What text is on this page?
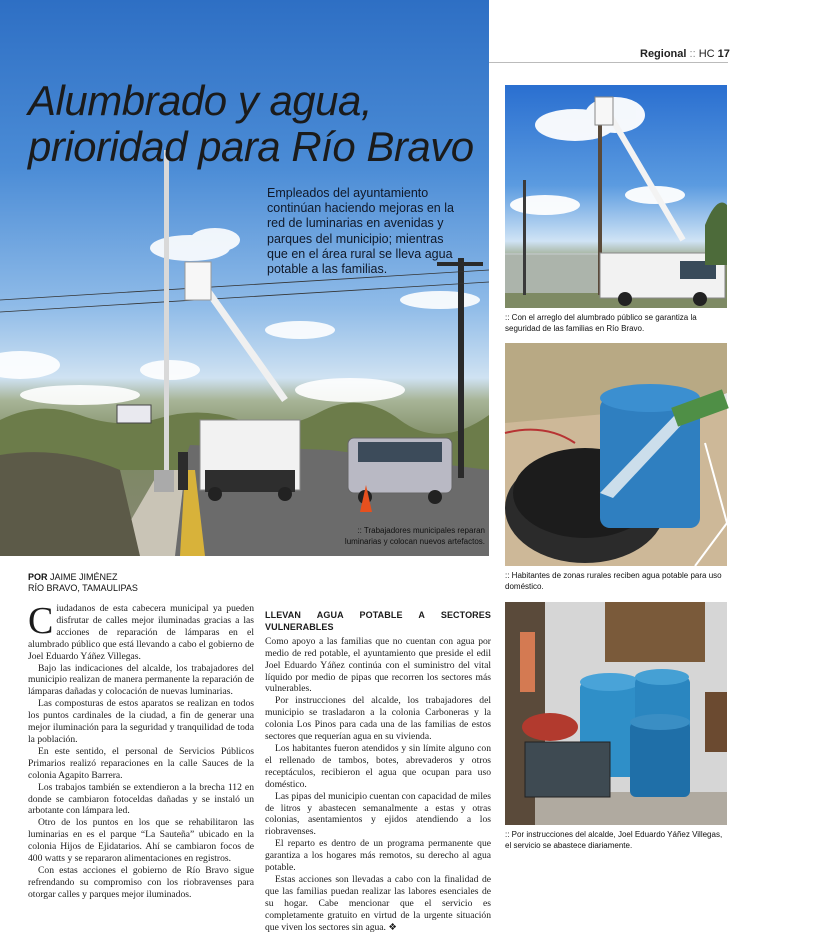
Regional :: HC 17
Alumbrado y agua,
prioridad para Río Bravo
Empleados del ayuntamiento continúan haciendo mejoras en la red de luminarias en avenidas y parques del municipio; mientras que en el área rural se lleva agua potable a las familias.
:: Trabajadores municipales reparan luminarias y colocan nuevos artefactos.
:: Con el arreglo del alumbrado público se garantiza la seguridad de las familias en Río Bravo.
:: Habitantes de zonas rurales reciben agua potable para uso doméstico.
:: Por instrucciones del alcalde, Joel Eduardo Yáñez Villegas, el servicio se abastece diariamente.
POR JAIME JIMÉNEZ
RÍO BRAVO, TAMAULIPAS

Ciudadanos de esta cabecera municipal ya pueden disfrutar de calles mejor iluminadas gracias a las acciones de reparación de lámparas en el alumbrado público que está llevando a cabo el gobierno de Joel Eduardo Yáñez Villegas.

Bajo las indicaciones del alcalde, los trabajadores del municipio realizan de manera permanente la reparación de lámparas dañadas y colocación de nuevas luminarias.

Las composturas de estos aparatos se realizan en todos los puntos cardinales de la ciudad, a fin de generar una mejor iluminación para la seguridad y tranquilidad de toda la población.

En este sentido, el personal de Servicios Públicos Primarios realizó reparaciones en la calle Sauces de la colonia Agapito Barrera.

Los trabajos también se extendieron a la brecha 112 en donde se cambiaron fotoceldas dañadas y se instaló un arbotante con lámpara led.

Otro de los puntos en los que se rehabilitaron las luminarias en es el parque “La Sauteña” ubicado en la colonia Hijos de Ejidatarios. Ahí se cambiaron focos de 400 watts y se repararon alimentaciones en registros.

Con estas acciones el gobierno de Río Bravo sigue refrendando su compromiso con los riobravenses para otorgar calles y parques mejor iluminados.

LLEVAN AGUA POTABLE A SECTORES VULNERABLES

Como apoyo a las familias que no cuentan con agua por medio de red potable, el ayuntamiento que preside el edil Joel Eduardo Yáñez continúa con el suministro del vital líquido por medio de pipas que recorren los sectores más vulnerables.

Por instrucciones del alcalde, los trabajadores del municipio se trasladaron a la colonia Carboneras y la colonia Los Pinos para cada una de las familias de estos sectores que requerían agua en su vivienda.

Los habitantes fueron atendidos y sin límite alguno con el rellenado de tambos, botes, abrevaderos y otros receptáculos, recibieron el agua que ocupan para uso doméstico.

Las pipas del municipio cuentan con capacidad de miles de litros y abastecen semanalmente a estas y otras colonias, asentamientos y ejidos atendiendo a los riobravenses.

El reparto es dentro de un programa permanente que garantiza a los hogares más remotos, su derecho al agua potable.

Estas acciones son llevadas a cabo con la finalidad de que las familias puedan realizar las labores esenciales de su hogar. Cabe mencionar que el servicio es completamente gratuito en virtud de la urgente situación que viven los sectores sin agua. ❖
